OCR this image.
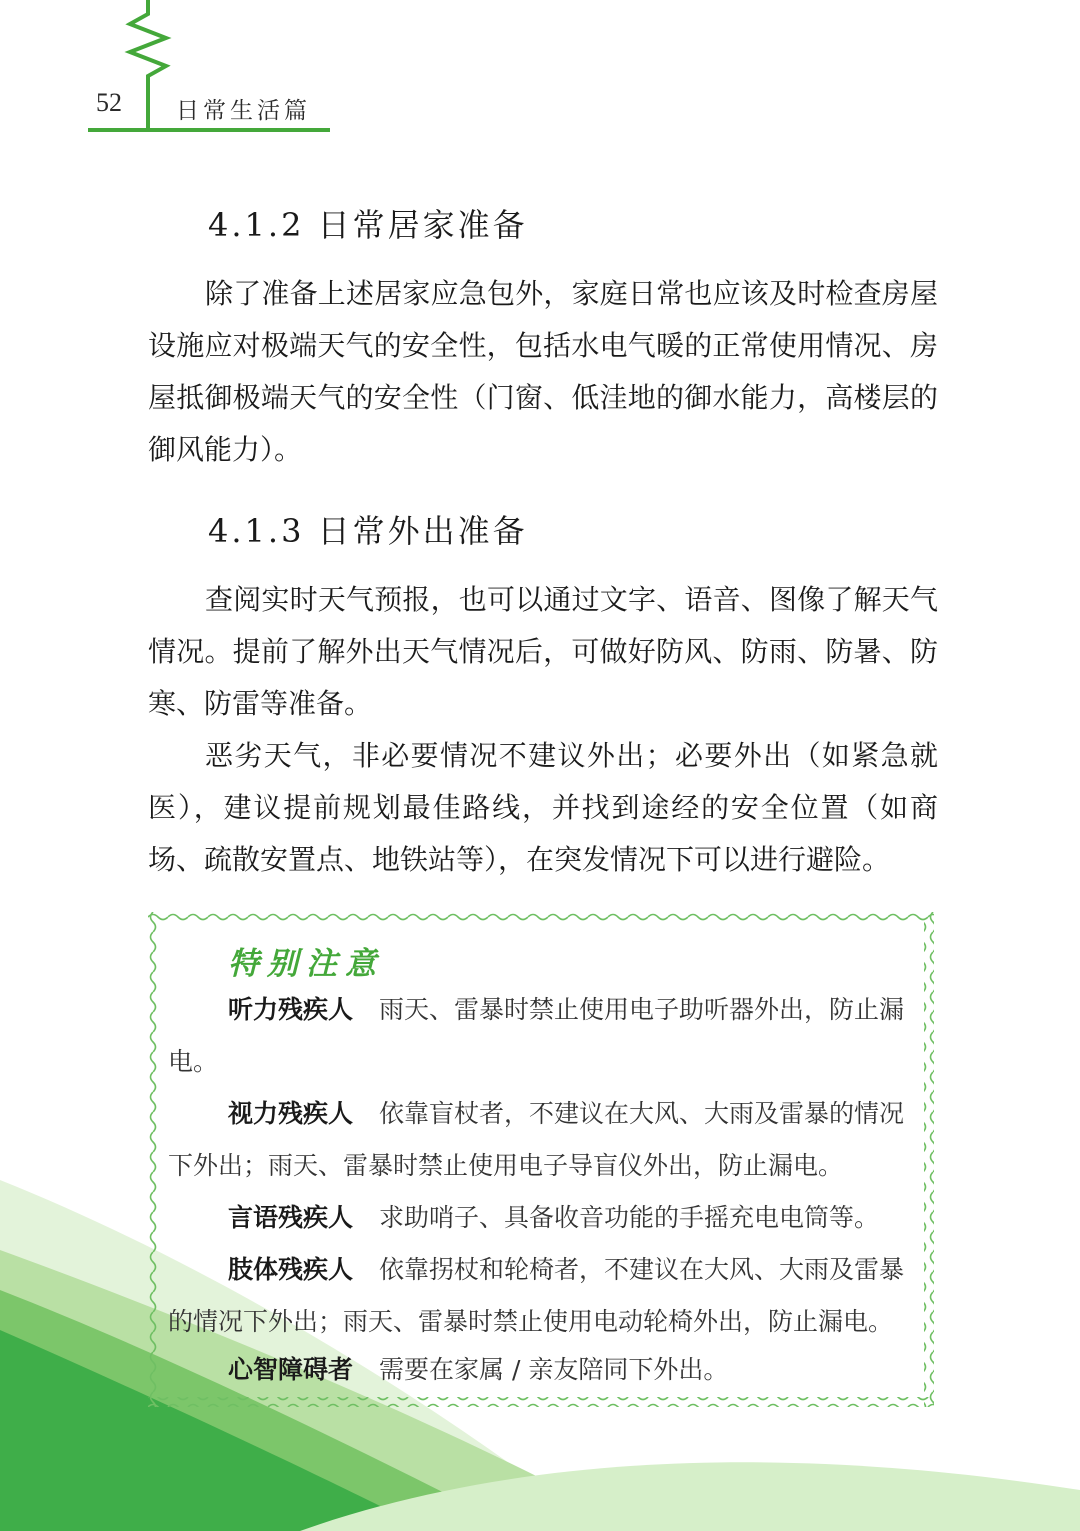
52 日常生活篇
4.1.2 日常居家准备

除了准备上述居家应急包外，家庭日常也应该及时检查房屋设施应对极端天气的安全性，包括水电气暖的正常使用情况、房屋抵御极端天气的安全性（门窗、低洼地的御水能力，高楼层的御风能力）。

4.1.3 日常外出准备

查阅实时天气预报，也可以通过文字、语音、图像了解天气情况。提前了解外出天气情况后，可做好防风、防雨、防暑、防寒、防雷等准备。

恶劣天气，非必要情况不建议外出；必要外出（如紧急就医），建议提前规划最佳路线，并找到途经的安全位置（如商场、疏散安置点、地铁站等），在突发情况下可以进行避险。

特别注意

听力残疾人 雨天、雷暴时禁止使用电子助听器外出，防止漏电。

视力残疾人 依靠盲杖者，不建议在大风、大雨及雷暴的情况下外出；雨天、雷暴时禁止使用电子导盲仪外出，防止漏电。

言语残疾人 求助哨子、具备收音功能的手摇充电电筒等。

肢体残疾人 依靠拐杖和轮椅者，不建议在大风、大雨及雷暴的情况下外出；雨天、雷暴时禁止使用电动轮椅外出，防止漏电。

心智障碍者 需要在家属 / 亲友陪同下外出。
